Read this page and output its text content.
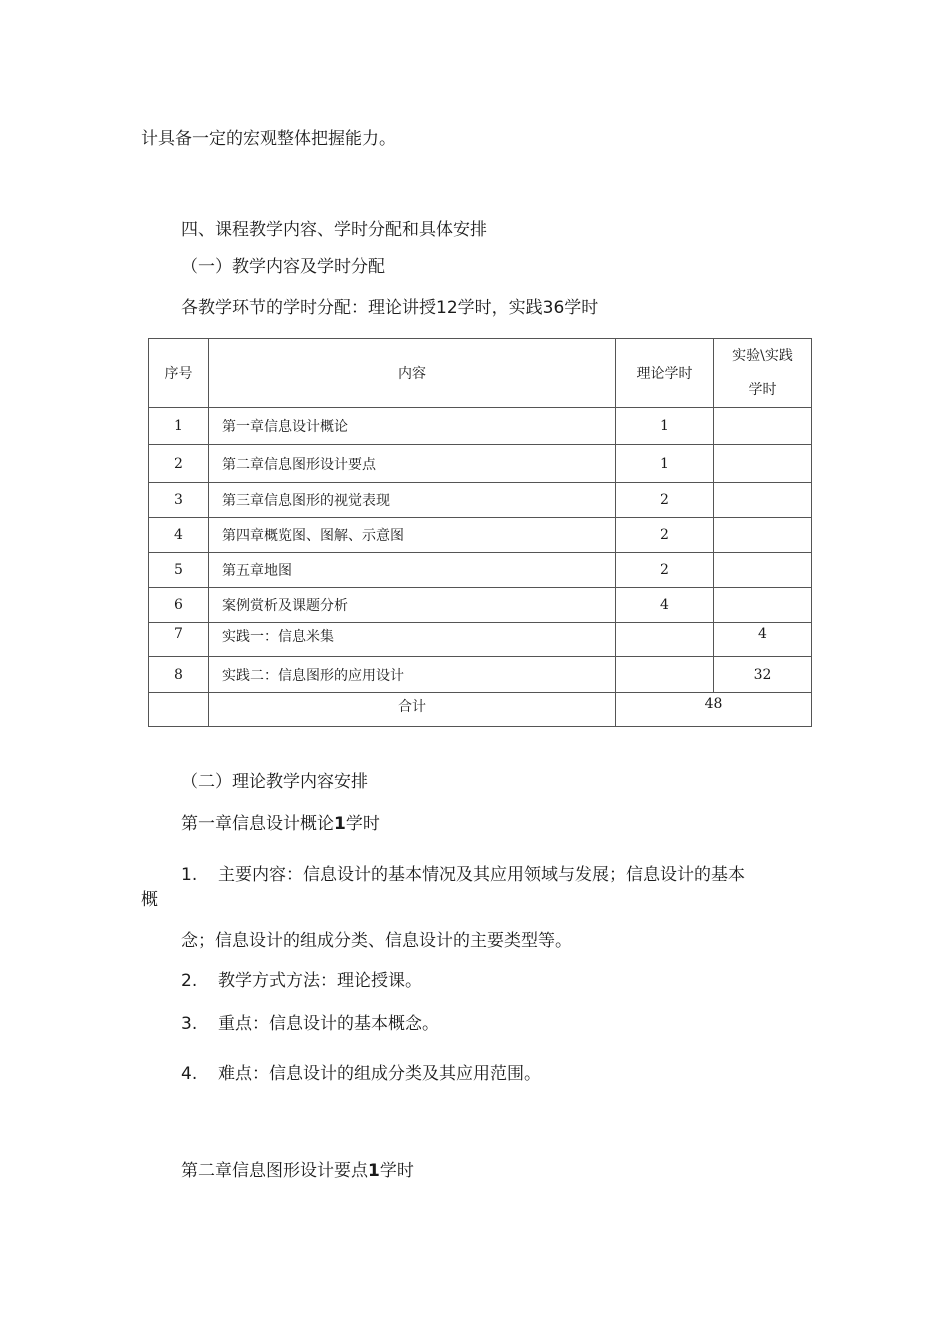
计具备一定的宏观整体把握能力。
四、课程教学内容、学时分配和具体安排
（一）教学内容及学时分配
各教学环节的学时分配：理论讲授12学时，实践36学时
序号	内容	理论学时	实验\实践
学时

1	第一章信息设计概论	1	
2	第二章信息图形设计要点	1	
3	第三章信息图形的视觉表现	2	
4	第四章概览图、图解、示意图	2	
5	第五章地图	2	
6	案例赏析及课题分析	4	
7	实践一：信息米集		4
8	实践二：信息图形的应用设计		32
	合计	48	
（二）理论教学内容安排
第一章信息设计概论1学时
1. 主要内容：信息设计的基本情况及其应用领域与发展；信息设计的基本
概
念；信息设计的组成分类、信息设计的主要类型等。
2. 教学方式方法：理论授课。
3. 重点：信息设计的基本概念。
4. 难点：信息设计的组成分类及其应用范围。
第二章信息图形设计要点1学时
